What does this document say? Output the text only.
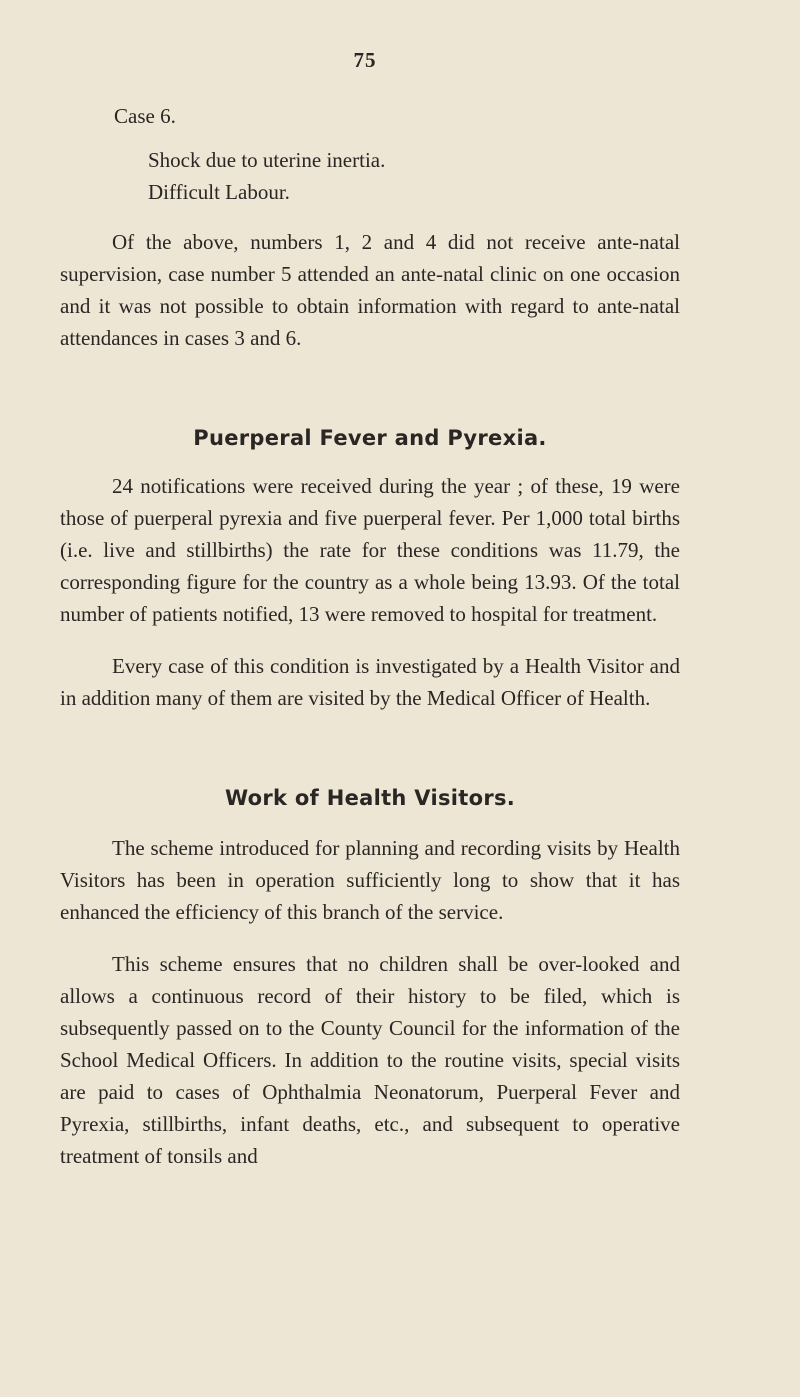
75
Case 6.
Shock due to uterine inertia.
Difficult Labour.

Of the above, numbers 1, 2 and 4 did not receive ante-natal supervision, case number 5 attended an ante-natal clinic on one occasion and it was not possible to obtain information with regard to ante-natal attendances in cases 3 and 6.

Puerperal Fever and Pyrexia.

24 notifications were received during the year ; of these, 19 were those of puerperal pyrexia and five puerperal fever. Per 1,000 total births (i.e. live and stillbirths) the rate for these conditions was 11.79, the corresponding figure for the country as a whole being 13.93. Of the total number of patients notified, 13 were removed to hospital for treatment.

Every case of this condition is investigated by a Health Visitor and in addition many of them are visited by the Medical Officer of Health.

Work of Health Visitors.

The scheme introduced for planning and recording visits by Health Visitors has been in operation sufficiently long to show that it has enhanced the efficiency of this branch of the service.

This scheme ensures that no children shall be over-looked and allows a continuous record of their history to be filed, which is subsequently passed on to the County Council for the information of the School Medical Officers. In addition to the routine visits, special visits are paid to cases of Ophthalmia Neonatorum, Puerperal Fever and Pyrexia, stillbirths, infant deaths, etc., and subsequent to operative treatment of tonsils and
